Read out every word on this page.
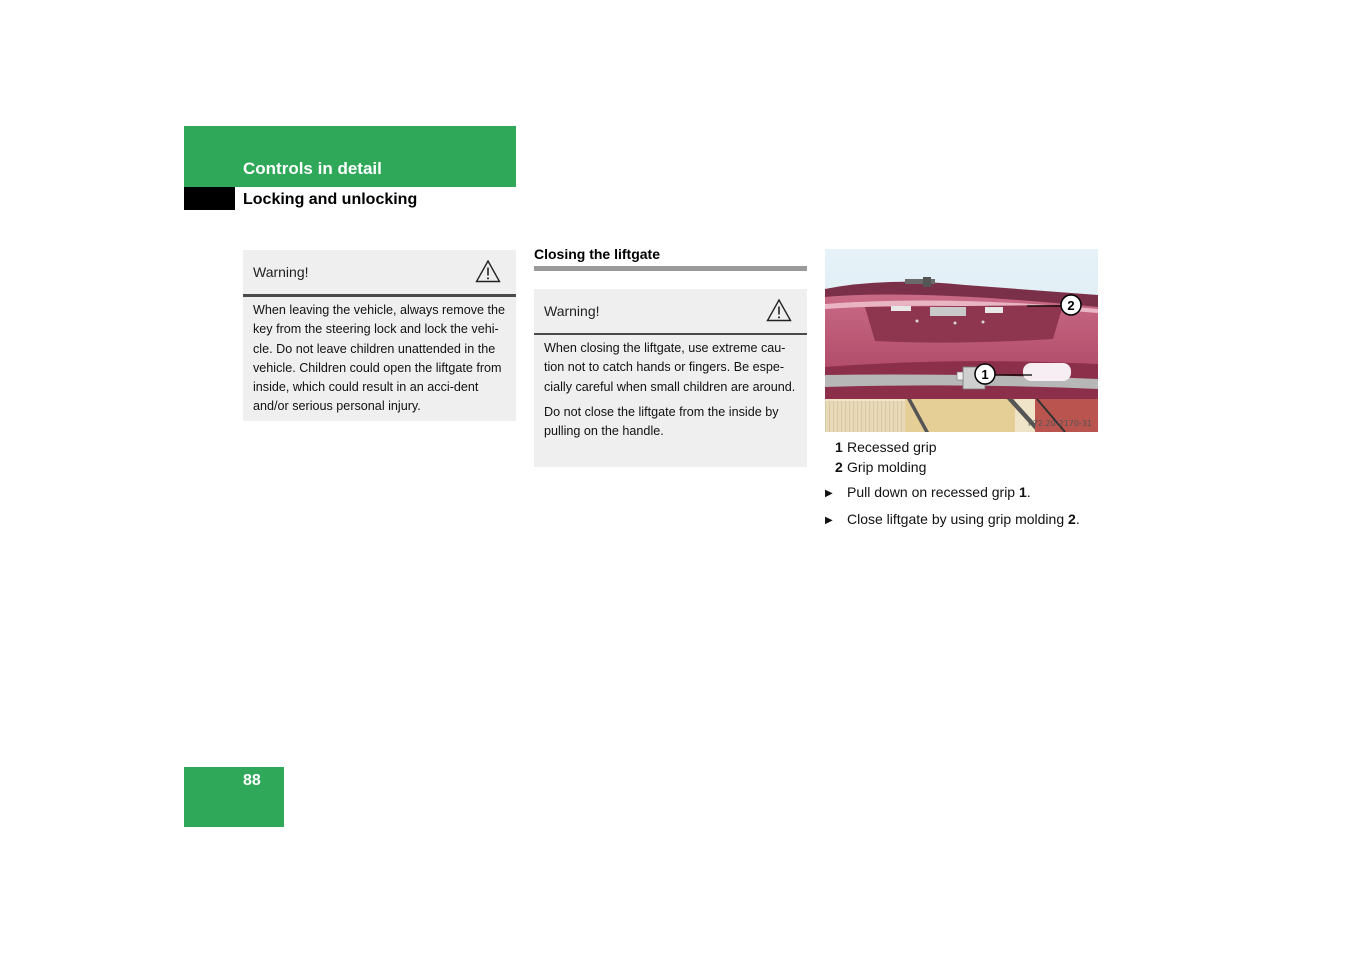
Controls in detail
Locking and unlocking
Warning!

When leaving the vehicle, always remove the key from the steering lock and lock the vehi-cle. Do not leave children unattended in the vehicle. Children could open the liftgate from inside, which could result in an acci-dent and/or serious personal injury.

Closing the liftgate
Warning!

When closing the liftgate, use extreme cau-tion not to catch hands or fingers. Be espe-cially careful when small children are around.

Do not close the liftgate from the inside by pulling on the handle.

2
1
P72.20-2170-31
1 Recessed grip
2 Grip molding
▶ Pull down on recessed grip 1.
▶ Close liftgate by using grip molding 2.
88
